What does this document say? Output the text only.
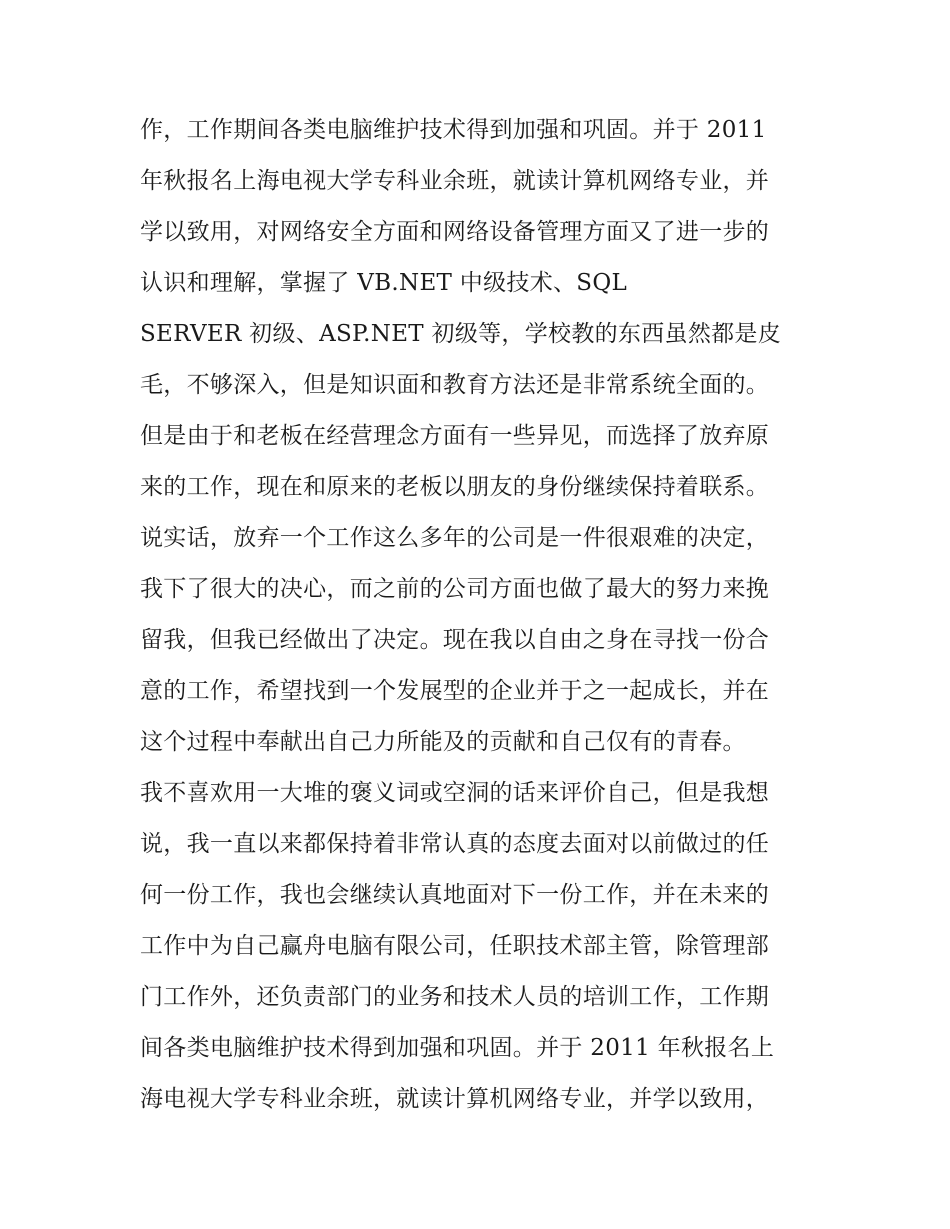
作，工作期间各类电脑维护技术得到加强和巩固。并于 2011
年秋报名上海电视大学专科业余班，就读计算机网络专业，并
学以致用，对网络安全方面和网络设备管理方面又了进一步的
认识和理解，掌握了 VB.NET 中级技术、SQL
SERVER 初级、ASP.NET 初级等，学校教的东西虽然都是皮
毛，不够深入，但是知识面和教育方法还是非常系统全面的。
但是由于和老板在经营理念方面有一些异见，而选择了放弃原
来的工作，现在和原来的老板以朋友的身份继续保持着联系。
说实话，放弃一个工作这么多年的公司是一件很艰难的决定，
我下了很大的决心，而之前的公司方面也做了最大的努力来挽
留我，但我已经做出了决定。现在我以自由之身在寻找一份合
意的工作，希望找到一个发展型的企业并于之一起成长，并在
这个过程中奉献出自己力所能及的贡献和自己仅有的青春。
我不喜欢用一大堆的褒义词或空洞的话来评价自己，但是我想
说，我一直以来都保持着非常认真的态度去面对以前做过的任
何一份工作，我也会继续认真地面对下一份工作，并在未来的
工作中为自己赢舟电脑有限公司，任职技术部主管，除管理部
门工作外，还负责部门的业务和技术人员的培训工作，工作期
间各类电脑维护技术得到加强和巩固。并于 2011 年秋报名上
海电视大学专科业余班，就读计算机网络专业，并学以致用，
